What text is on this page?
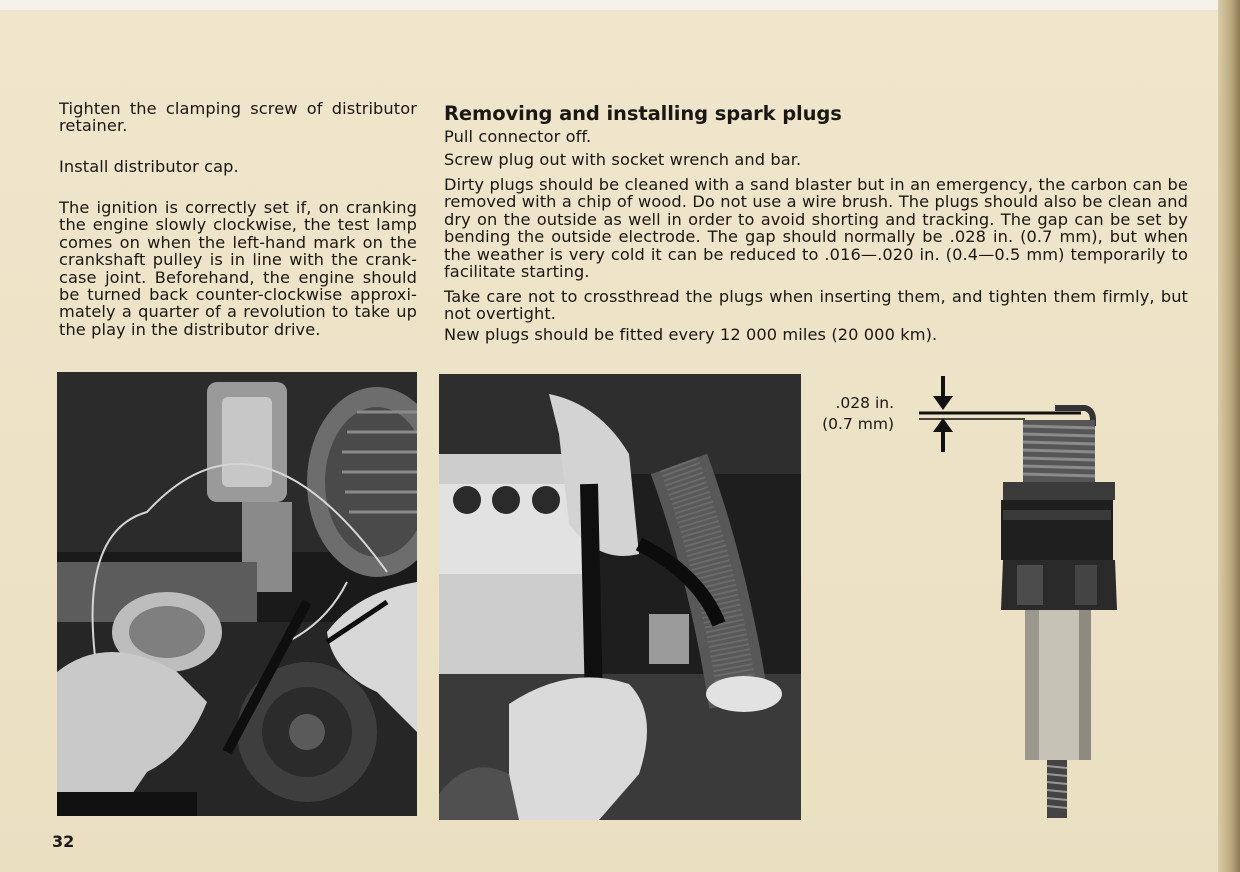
Tighten the clamping screw of distributor retainer.

Install distributor cap.

The ignition is correctly set if, on cranking the engine slowly clockwise, the test lamp comes on when the left-hand mark on the crankshaft pulley is in line with the crank-case joint. Beforehand, the engine should be turned back counter-clockwise approxi-mately a quarter of a revolution to take up the play in the distributor drive.

Removing and installing spark plugs

Pull connector off.

Screw plug out with socket wrench and bar.

Dirty plugs should be cleaned with a sand blaster but in an emergency, the carbon can be removed with a chip of wood. Do not use a wire brush. The plugs should also be clean and dry on the outside as well in order to avoid shorting and tracking. The gap can be set by bending the outside electrode. The gap should normally be .028 in. (0.7 mm), but when the weather is very cold it can be reduced to .016—.020 in. (0.4—0.5 mm) temporarily to facilitate starting.

Take care not to crossthread the plugs when inserting them, and tighten them firmly, but not overtight.

New plugs should be fitted every 12 000 miles (20 000 km).

.028 in.
(0.7 mm)
32
